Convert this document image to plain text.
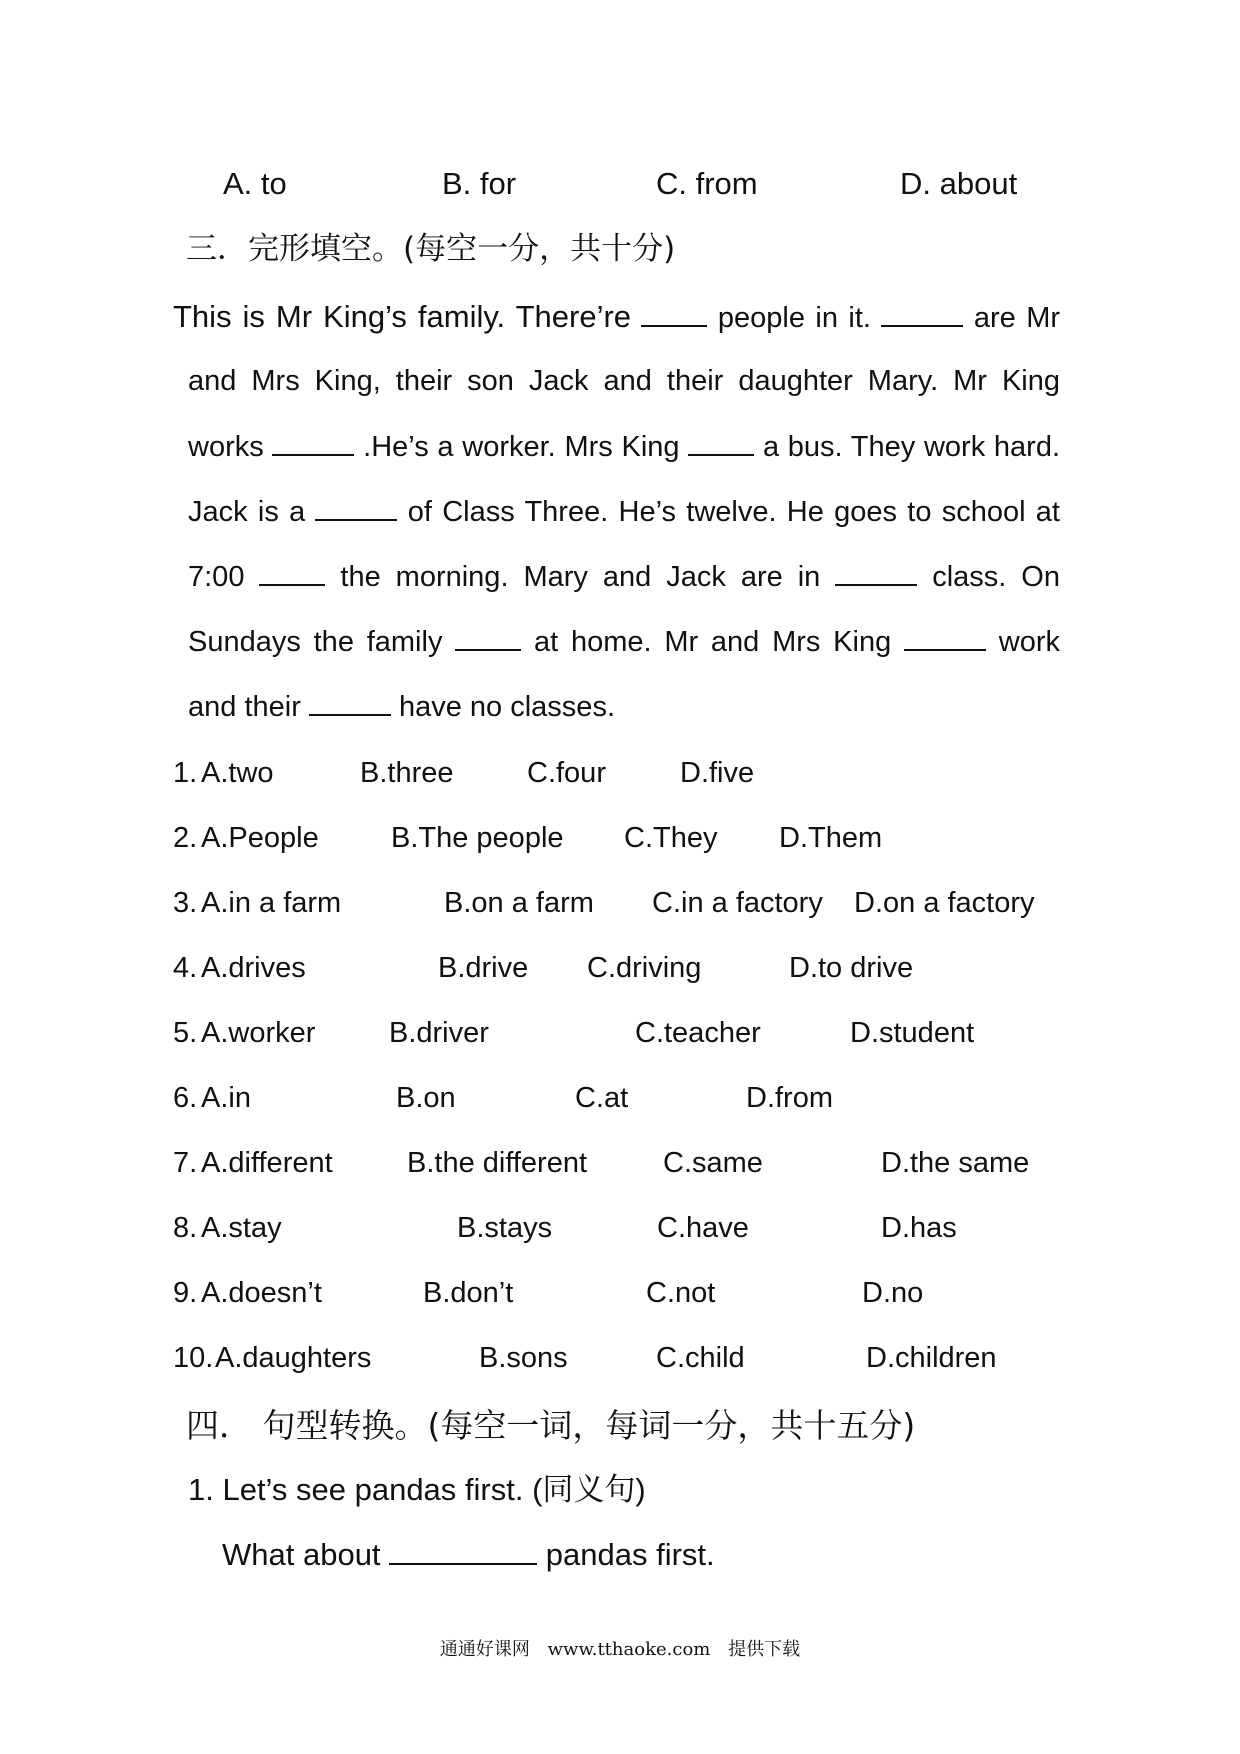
A. to	B. for	C. from	D. about
三．完形填空。(每空一分，共十分)
This is Mr King’s family. There’re	people in it.	are Mr
and Mrs King, their son Jack and their daughter Mary. Mr King
works	.He’s a worker. Mrs King	a bus. They work hard.
Jack is a	of Class Three. He’s twelve. He goes to school at
7:00	the morning. Mary and Jack are in	class. On
Sundays the family	at home. Mr and Mrs King	work
and their	have no classes.
1. A.two	B.three	C.four	D.five
2. A.People B.The people C.They D.Them
3. A.in a farm	B.on a farm C.in a factory D.on a factory
4. A.drives	B.drive C.driving	D.to drive
5. A.worker	B.driver	C.teacher	D.student
6. A.in	B.on	C.at	D.from
7. A.different	B.the different	C.same	D.the same
8. A.stay	B.stays	C.have	D.has
9. A.doesn’t	B.don’t	C.not	D.no
10. A.daughters	B.sons	C.child	D.children
四． 句型转换。(每空一词，每词一分，共十五分)
1. Let’s see pandas first. (同义句)
What about	pandas first.
通通好课网 www.tthaoke.com 提供下载
